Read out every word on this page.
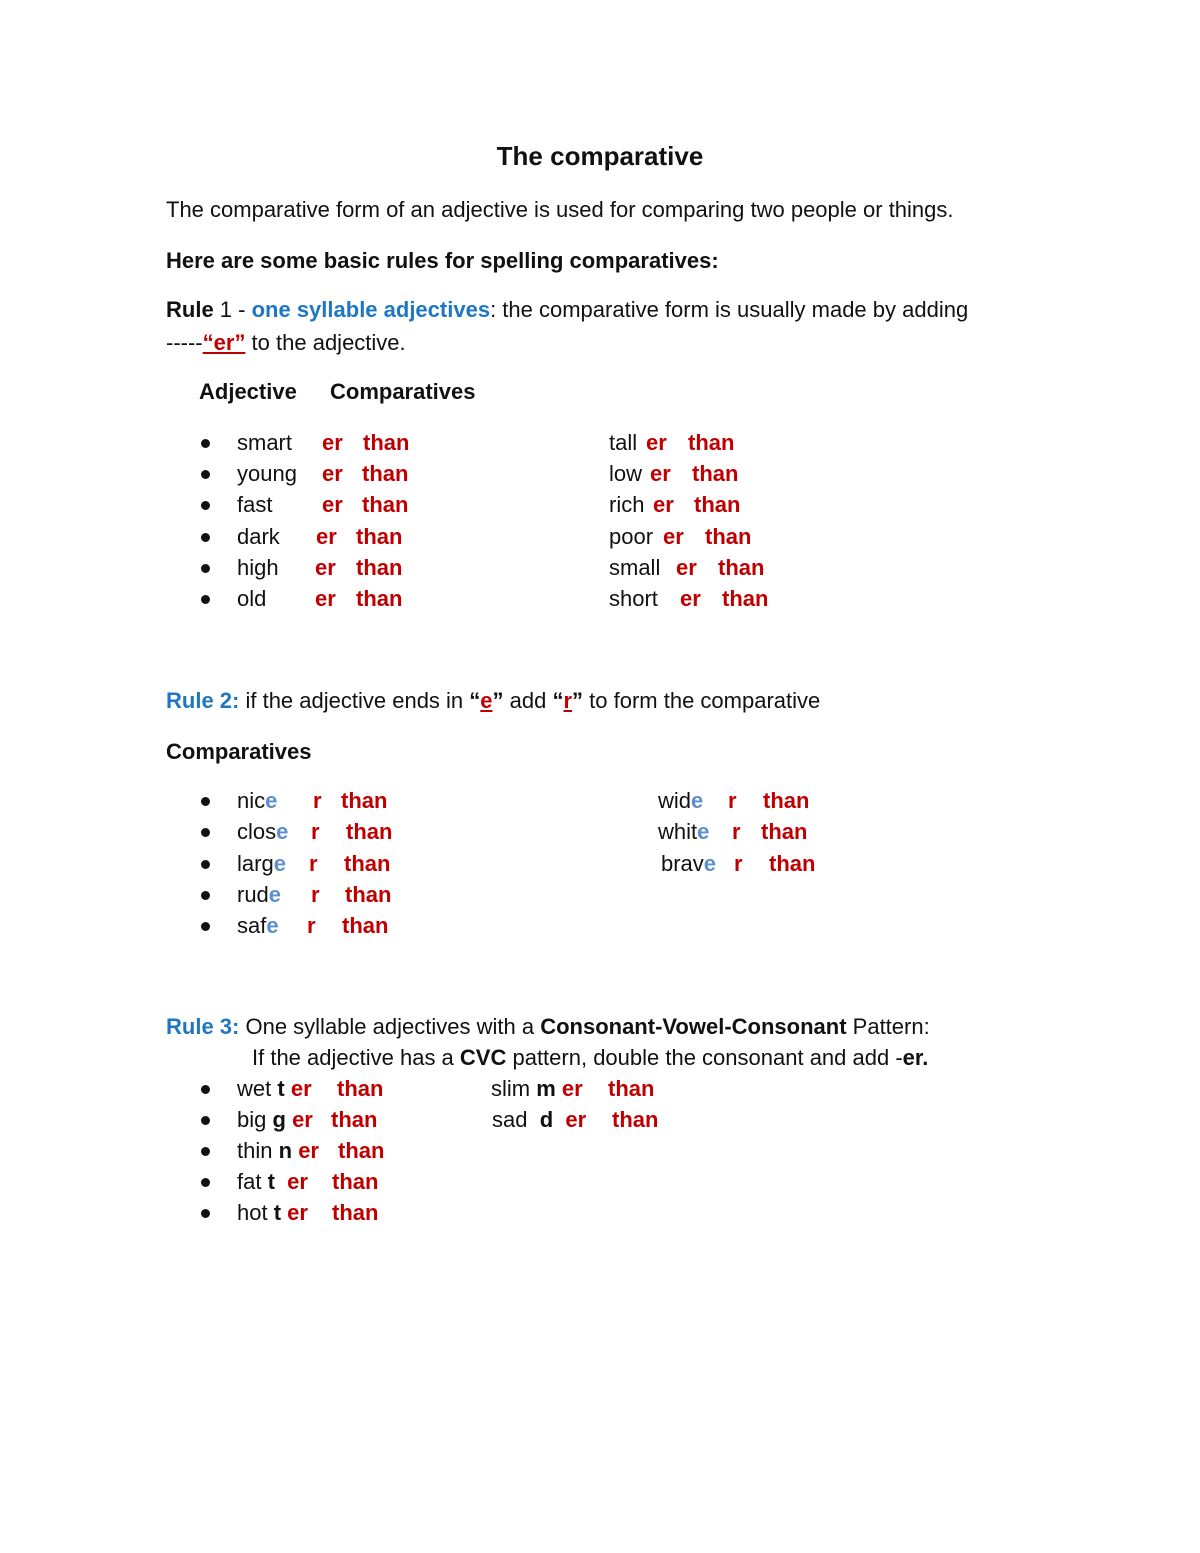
The comparative
The comparative form of an adjective is used for comparing two people or things.
Here are some basic rules for spelling comparatives:
Rule 1 - one syllable adjectives: the comparative form is usually made by adding
-----“er” to the adjective.
Adjective Comparatives
smart er than
young er than
fast er than
dark er than
high er than
old er than
tall er than
low er than
rich er than
poor er than
small er than
short er than
Rule 2: if the adjective ends in “e” add “r” to form the comparative
Comparatives
nice r than
close r than
large r than
rude r than
safe r than
wide r than
white r than
brave r than
Rule 3: One syllable adjectives with a Consonant-Vowel-Consonant Pattern:
If the adjective has a CVC pattern, double the consonant and add -er.
wet t er than
big g er than
thin n er than
fat t er than
hot t er than
slim m er than
sad d er than
